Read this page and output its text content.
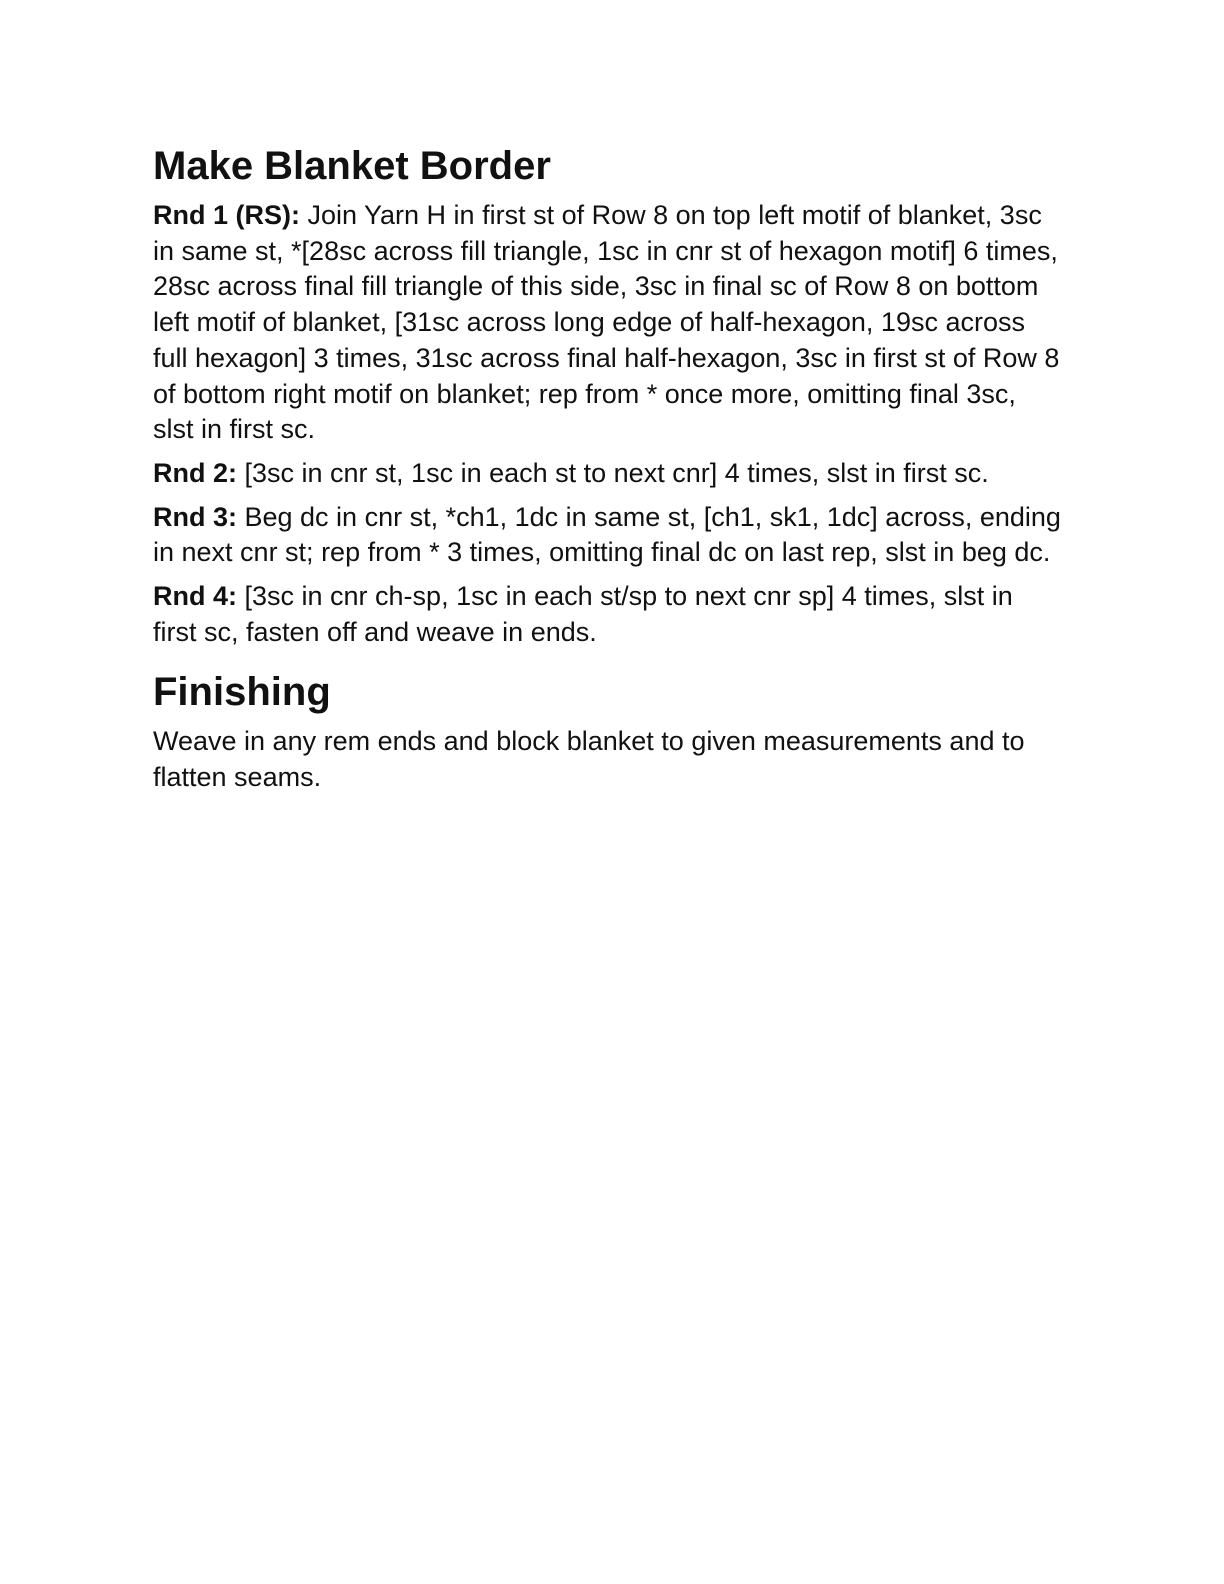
Make Blanket Border

Rnd 1 (RS): Join Yarn H in first st of Row 8 on top left motif of blanket, 3sc in same st, *[28sc across fill triangle, 1sc in cnr st of hexagon motif] 6 times, 28sc across final fill triangle of this side, 3sc in final sc of Row 8 on bottom left motif of blanket, [31sc across long edge of half-hexagon, 19sc across full hexagon] 3 times, 31sc across final half-hexagon, 3sc in first st of Row 8 of bottom right motif on blanket; rep from * once more, omitting final 3sc, slst in first sc.

Rnd 2: [3sc in cnr st, 1sc in each st to next cnr] 4 times, slst in first sc.

Rnd 3: Beg dc in cnr st, *ch1, 1dc in same st, [ch1, sk1, 1dc] across, ending in next cnr st; rep from * 3 times, omitting final dc on last rep, slst in beg dc.

Rnd 4: [3sc in cnr ch-sp, 1sc in each st/sp to next cnr sp] 4 times, slst in first sc, fasten off and weave in ends.

Finishing

Weave in any rem ends and block blanket to given measurements and to flatten seams.
